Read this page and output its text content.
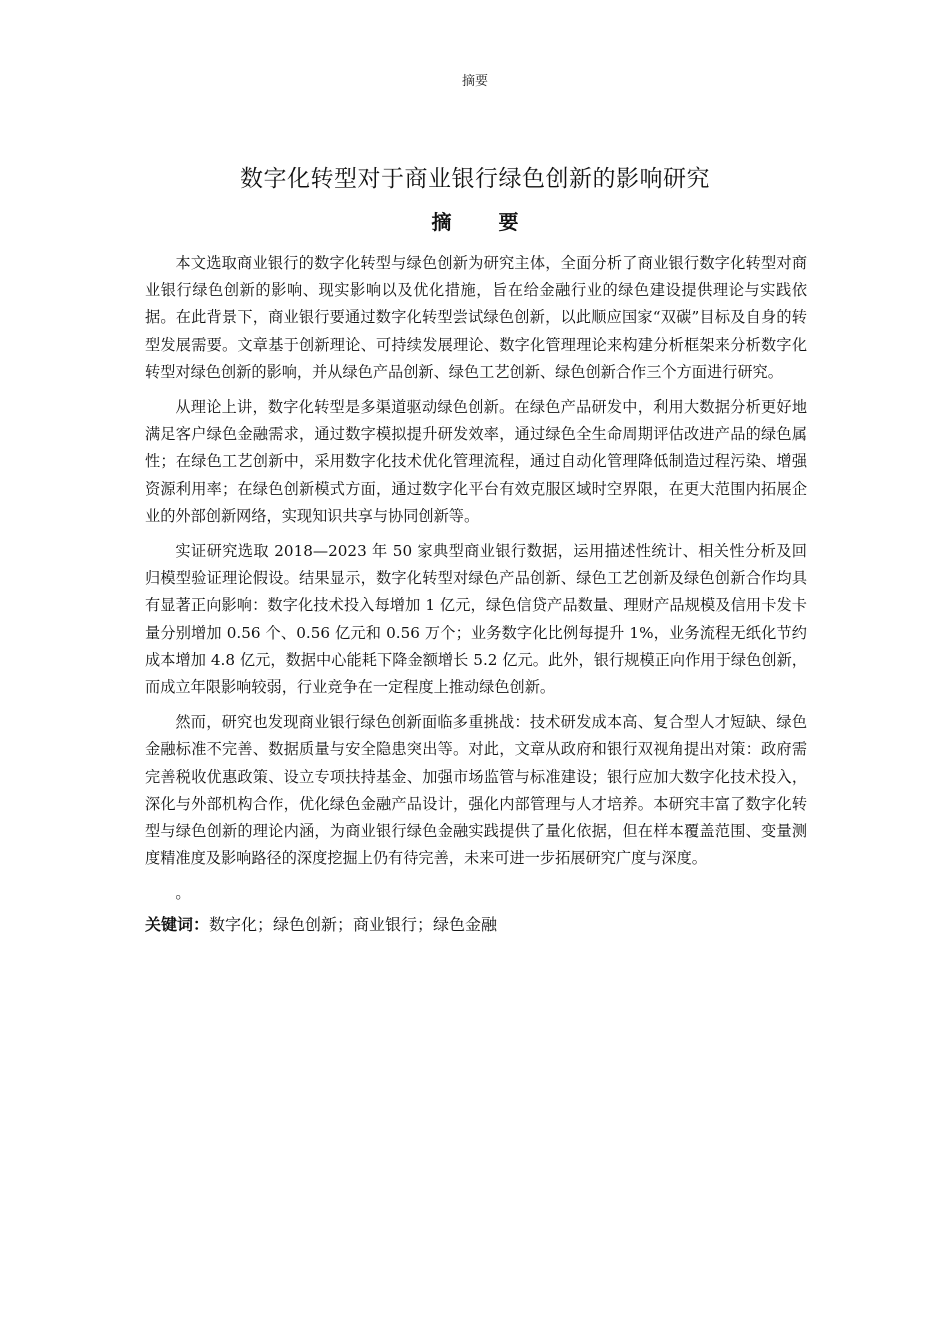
摘要
数字化转型对于商业银行绿色创新的影响研究
摘 要

本文选取商业银行的数字化转型与绿色创新为研究主体，全面分析了商业银行数字化转型对商业银行绿色创新的影响、现实影响以及优化措施，旨在给金融行业的绿色建设提供理论与实践依据。在此背景下，商业银行要通过数字化转型尝试绿色创新，以此顺应国家“双碳”目标及自身的转型发展需要。文章基于创新理论、可持续发展理论、数字化管理理论来构建分析框架来分析数字化转型对绿色创新的影响，并从绿色产品创新、绿色工艺创新、绿色创新合作三个方面进行研究。

从理论上讲，数字化转型是多渠道驱动绿色创新。在绿色产品研发中，利用大数据分析更好地满足客户绿色金融需求，通过数字模拟提升研发效率，通过绿色全生命周期评估改进产品的绿色属性；在绿色工艺创新中，采用数字化技术优化管理流程，通过自动化管理降低制造过程污染、增强资源利用率；在绿色创新模式方面，通过数字化平台有效克服区域时空界限，在更大范围内拓展企业的外部创新网络，实现知识共享与协同创新等。

实证研究选取 2018—2023 年 50 家典型商业银行数据，运用描述性统计、相关性分析及回归模型验证理论假设。结果显示，数字化转型对绿色产品创新、绿色工艺创新及绿色创新合作均具有显著正向影响：数字化技术投入每增加 1 亿元，绿色信贷产品数量、理财产品规模及信用卡发卡量分别增加 0.56 个、0.56 亿元和 0.56 万个；业务数字化比例每提升 1%，业务流程无纸化节约成本增加 4.8 亿元，数据中心能耗下降金额增长 5.2 亿元。此外，银行规模正向作用于绿色创新，而成立年限影响较弱，行业竞争在一定程度上推动绿色创新。

然而，研究也发现商业银行绿色创新面临多重挑战：技术研发成本高、复合型人才短缺、绿色金融标准不完善、数据质量与安全隐患突出等。对此，文章从政府和银行双视角提出对策：政府需完善税收优惠政策、设立专项扶持基金、加强市场监管与标准建设；银行应加大数字化技术投入，深化与外部机构合作，优化绿色金融产品设计，强化内部管理与人才培养。本研究丰富了数字化转型与绿色创新的理论内涵，为商业银行绿色金融实践提供了量化依据，但在样本覆盖范围、变量测度精准度及影响路径的深度挖掘上仍有待完善，未来可进一步拓展研究广度与深度。

。
关键词：数字化；绿色创新；商业银行；绿色金融
